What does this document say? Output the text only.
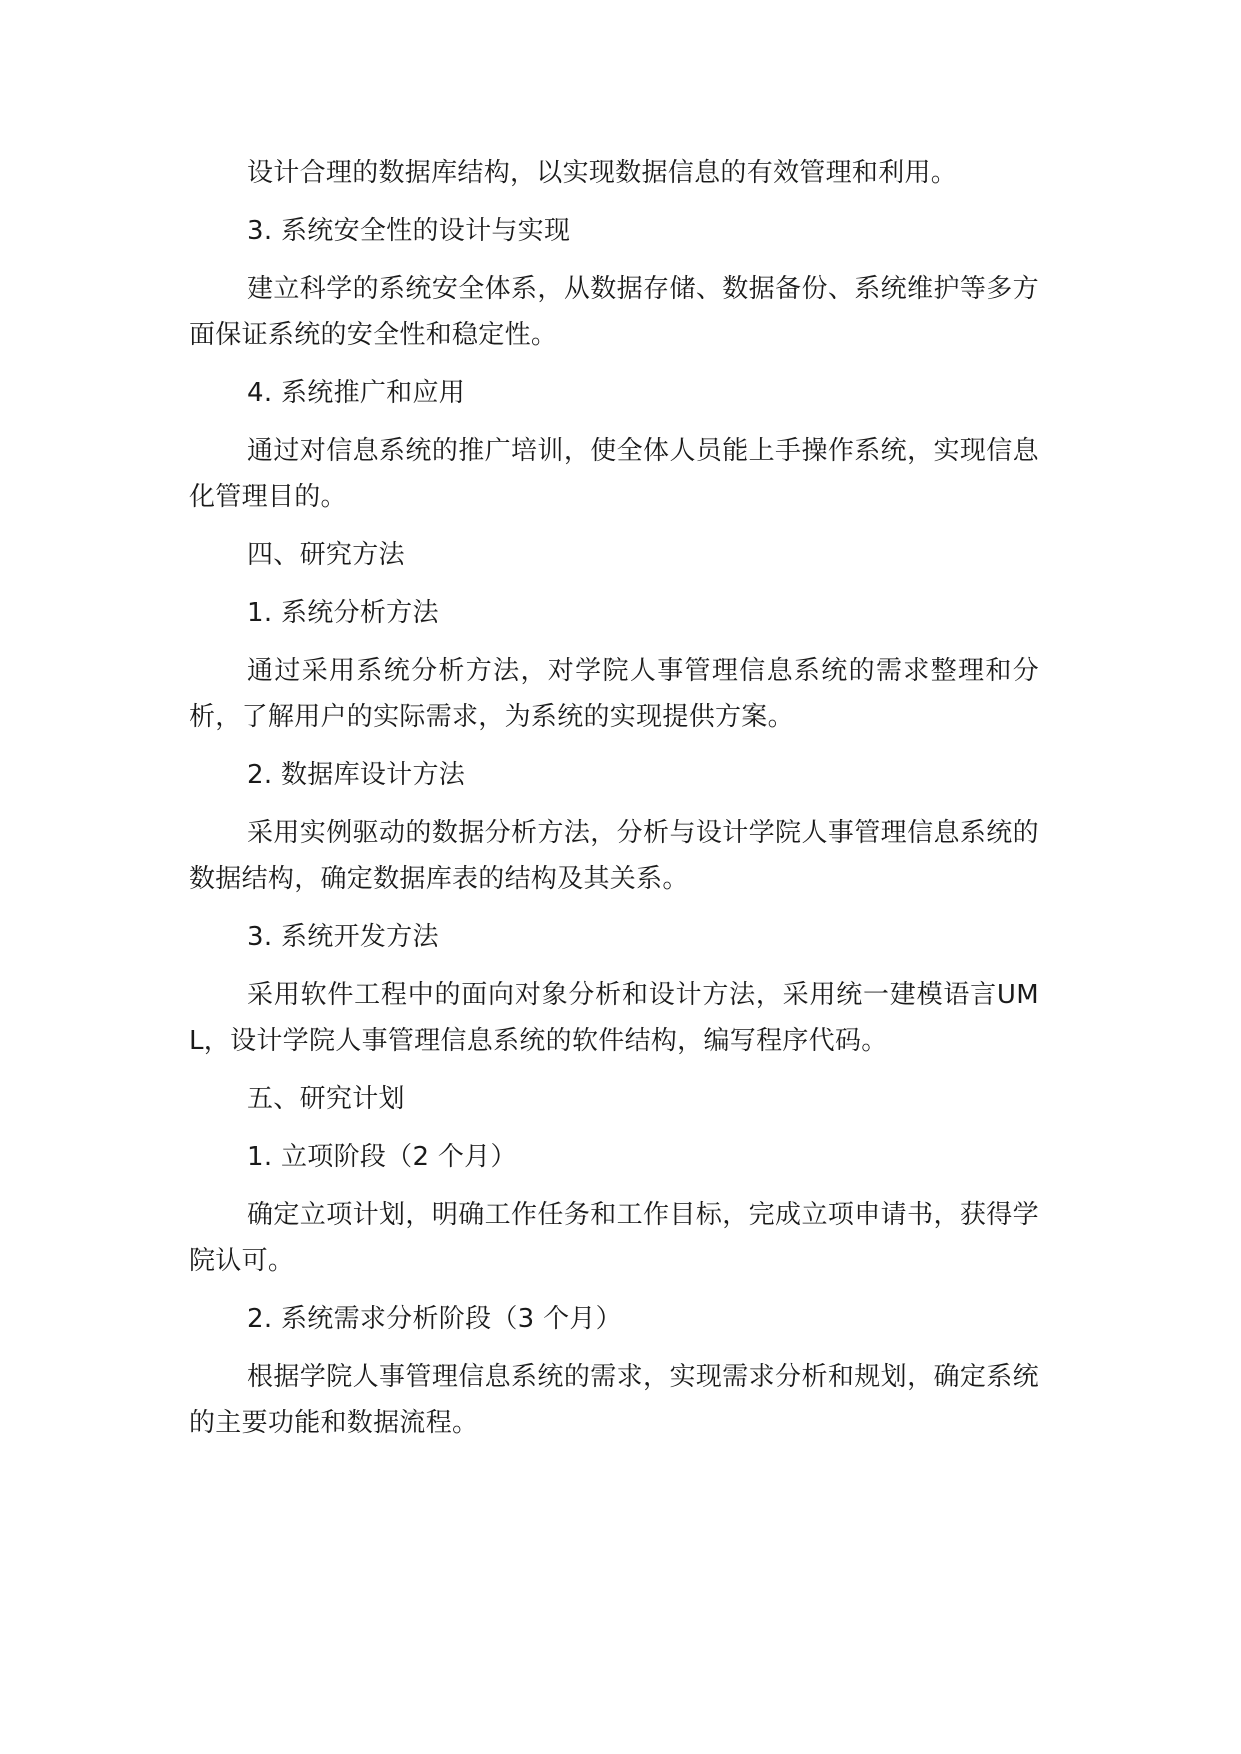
设计合理的数据库结构，以实现数据信息的有效管理和利用。

3. 系统安全性的设计与实现

建立科学的系统安全体系，从数据存储、数据备份、系统维护等多方面保证系统的安全性和稳定性。

4. 系统推广和应用

通过对信息系统的推广培训，使全体人员能上手操作系统，实现信息化管理目的。

四、研究方法

1. 系统分析方法

通过采用系统分析方法，对学院人事管理信息系统的需求整理和分析，了解用户的实际需求，为系统的实现提供方案。

2. 数据库设计方法

采用实例驱动的数据分析方法，分析与设计学院人事管理信息系统的数据结构，确定数据库表的结构及其关系。

3. 系统开发方法

采用软件工程中的面向对象分析和设计方法，采用统一建模语言UML，设计学院人事管理信息系统的软件结构，编写程序代码。

五、研究计划

1. 立项阶段（2 个月）

确定立项计划，明确工作任务和工作目标，完成立项申请书，获得学院认可。

2. 系统需求分析阶段（3 个月）

根据学院人事管理信息系统的需求，实现需求分析和规划，确定系统的主要功能和数据流程。
